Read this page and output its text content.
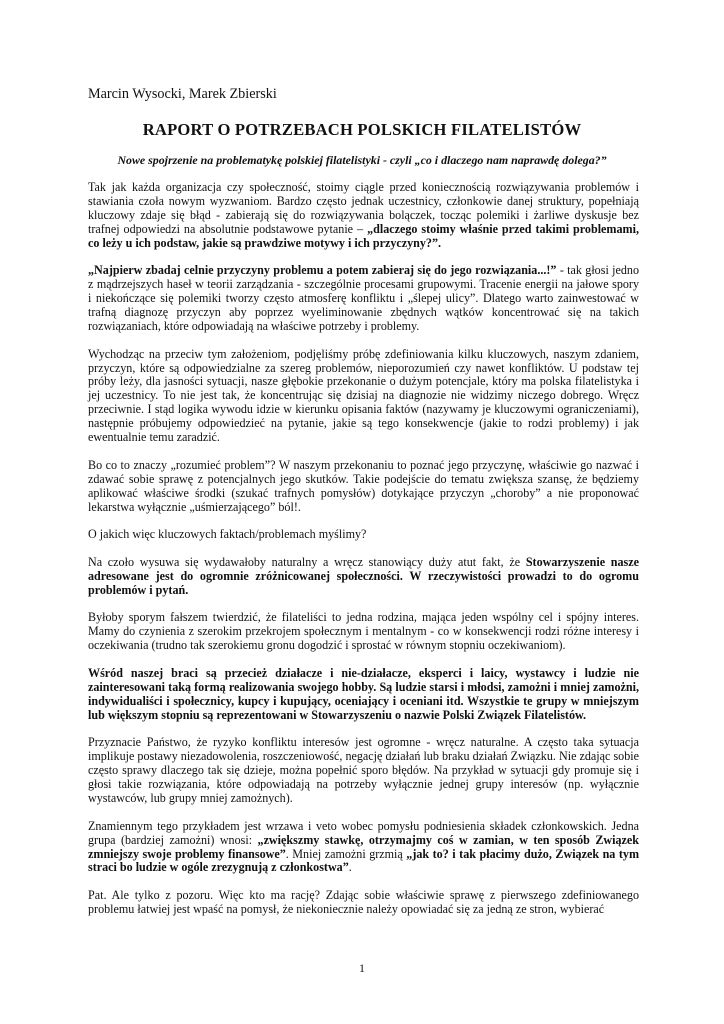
Marcin Wysocki, Marek Zbierski
RAPORT O POTRZEBACH POLSKICH FILATELISTÓW
Nowe spojrzenie na problematykę polskiej filatelistyki - czyli „co i dlaczego nam naprawdę dolega?”

Tak jak każda organizacja czy społeczność, stoimy ciągle przed koniecznością rozwiązywania problemów i stawiania czoła nowym wyzwaniom. Bardzo często jednak uczestnicy, członkowie danej struktury, popełniają kluczowy zdaje się błąd - zabierają się do rozwiązywania bolączek, tocząc polemiki i żarliwe dyskusje bez trafnej odpowiedzi na absolutnie podstawowe pytanie – „dlaczego stoimy właśnie przed takimi problemami, co leży u ich podstaw, jakie są prawdziwe motywy i ich przyczyny?”.

„Najpierw zbadaj celnie przyczyny problemu a potem zabieraj się do jego rozwiązania...!” - tak głosi jedno z mądrzejszych haseł w teorii zarządzania - szczególnie procesami grupowymi. Tracenie energii na jałowe spory i niekończące się polemiki tworzy często atmosferę konfliktu i „ślepej ulicy”. Dlatego warto zainwestować w trafną diagnozę przyczyn aby poprzez wyeliminowanie zbędnych wątków koncentrować się na takich rozwiązaniach, które odpowiadają na właściwe potrzeby i problemy.

Wychodząc na przeciw tym założeniom, podjęliśmy próbę zdefiniowania kilku kluczowych, naszym zdaniem, przyczyn, które są odpowiedzialne za szereg problemów, nieporozumień czy nawet konfliktów. U podstaw tej próby leży, dla jasności sytuacji, nasze głębokie przekonanie o dużym potencjale, który ma polska filatelistyka i jej uczestnicy. To nie jest tak, że koncentrując się dzisiaj na diagnozie nie widzimy niczego dobrego. Wręcz przeciwnie. I stąd logika wywodu idzie w kierunku opisania faktów (nazywamy je kluczowymi ograniczeniami), następnie próbujemy odpowiedzieć na pytanie, jakie są tego konsekwencje (jakie to rodzi problemy) i jak ewentualnie temu zaradzić.

Bo co to znaczy „rozumieć problem”? W naszym przekonaniu to poznać jego przyczynę, właściwie go nazwać i zdawać sobie sprawę z potencjalnych jego skutków. Takie podejście do tematu zwiększa szansę, że będziemy aplikować właściwe środki (szukać trafnych pomysłów) dotykające przyczyn „choroby” a nie proponować lekarstwa wyłącznie „uśmierzającego” ból!.

O jakich więc kluczowych faktach/problemach myślimy?

Na czoło wysuwa się wydawałoby naturalny a wręcz stanowiący duży atut fakt, że Stowarzyszenie nasze adresowane jest do ogromnie zróżnicowanej społeczności. W rzeczywistości prowadzi to do ogromu problemów i pytań.

Byłoby sporym fałszem twierdzić, że filateliści to jedna rodzina, mająca jeden wspólny cel i spójny interes. Mamy do czynienia z szerokim przekrojem społecznym i mentalnym - co w konsekwencji rodzi różne interesy i oczekiwania (trudno tak szerokiemu gronu dogodzić i sprostać w równym stopniu oczekiwaniom).

Wśród naszej braci są przecież działacze i nie-działacze, eksperci i laicy, wystawcy i ludzie nie zainteresowani taką formą realizowania swojego hobby. Są ludzie starsi i młodsi, zamożni i mniej zamożni, indywidualiści i społecznicy, kupcy i kupujący, oceniający i oceniani itd. Wszystkie te grupy w mniejszym lub większym stopniu są reprezentowani w Stowarzyszeniu o nazwie Polski Związek Filatelistów.

Przyznacie Państwo, że ryzyko konfliktu interesów jest ogromne - wręcz naturalne. A często taka sytuacja implikuje postawy niezadowolenia, roszczeniowość, negację działań lub braku działań Związku. Nie zdając sobie często sprawy dlaczego tak się dzieje, można popełnić sporo błędów. Na przykład w sytuacji gdy promuje się i głosi takie rozwiązania, które odpowiadają na potrzeby wyłącznie jednej grupy interesów (np. wyłącznie wystawców, lub grupy mniej zamożnych).

Znamiennym tego przykładem jest wrzawa i veto wobec pomysłu podniesienia składek członkowskich. Jedna grupa (bardziej zamożni) wnosi: „zwiększmy stawkę, otrzymajmy coś w zamian, w ten sposób Związek zmniejszy swoje problemy finansowe”. Mniej zamożni grzmią „jak to? i tak płacimy dużo, Związek na tym straci bo ludzie w ogóle zrezygnują z członkostwa”.

Pat. Ale tylko z pozoru. Więc kto ma rację? Zdając sobie właściwie sprawę z pierwszego zdefiniowanego problemu łatwiej jest wpaść na pomysł, że niekoniecznie należy opowiadać się za jedną ze stron, wybierać

1
